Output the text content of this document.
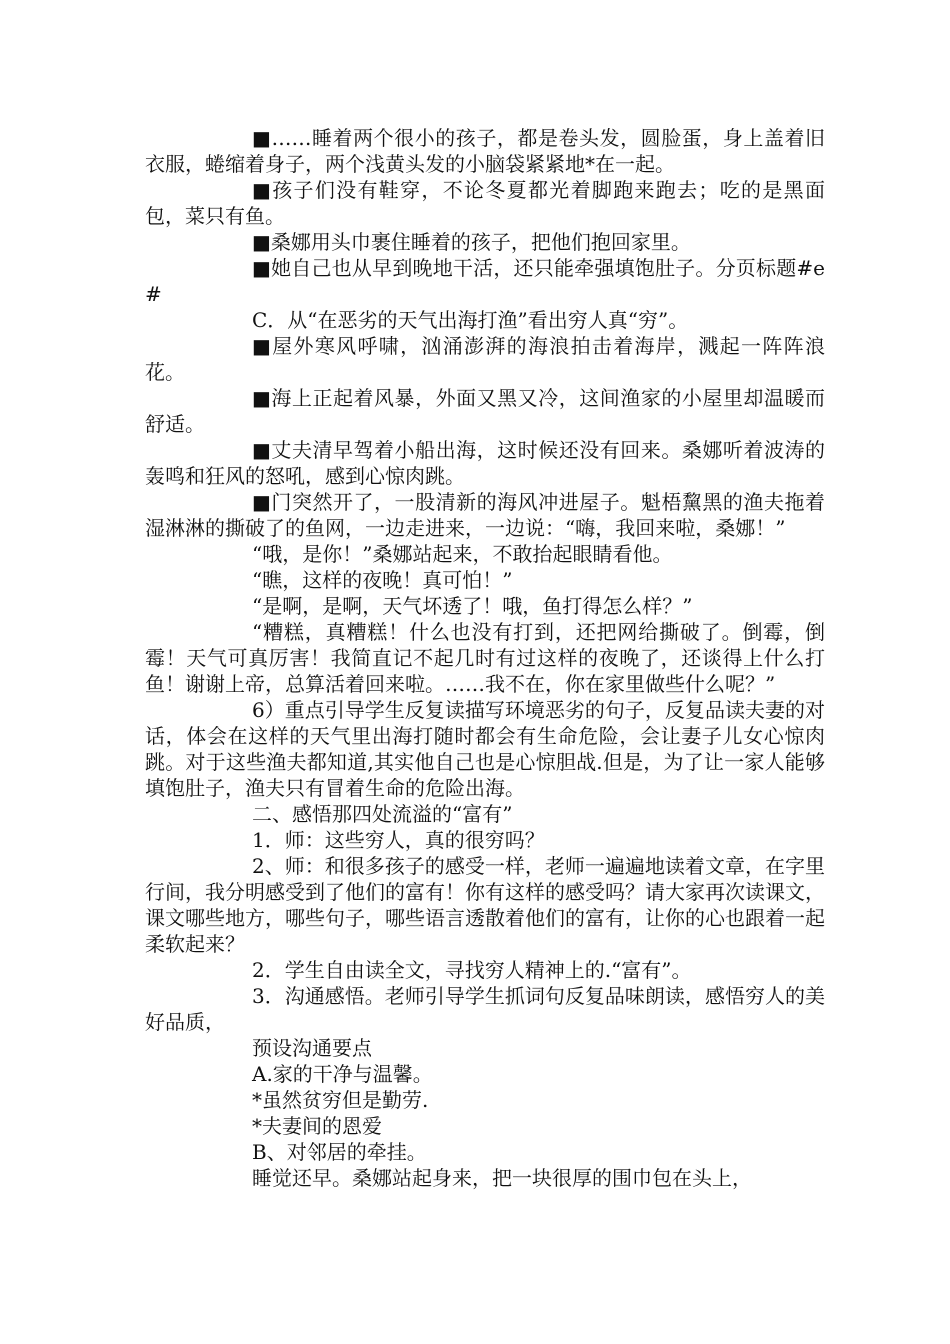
■……睡着两个很小的孩子，都是卷头发，圆脸蛋，身上盖着旧衣服，蜷缩着身子，两个浅黄头发的小脑袋紧紧地*在一起。

■孩子们没有鞋穿，不论冬夏都光着脚跑来跑去；吃的是黑面包，菜只有鱼。

■桑娜用头巾裹住睡着的孩子，把他们抱回家里。

■她自己也从早到晚地干活，还只能牵强填饱肚子。分页标题#e#

C．从“在恶劣的天气出海打渔”看出穷人真“穷”。

■屋外寒风呼啸，汹涌澎湃的海浪拍击着海岸，溅起一阵阵浪花。

■海上正起着风暴，外面又黑又冷，这间渔家的小屋里却温暖而舒适。

■丈夫清早驾着小船出海，这时候还没有回来。桑娜听着波涛的轰鸣和狂风的怒吼，感到心惊肉跳。

■门突然开了，一股清新的海风冲进屋子。魁梧黧黑的渔夫拖着湿淋淋的撕破了的鱼网，一边走进来，一边说：“嗨，我回来啦，桑娜！”

“哦，是你！”桑娜站起来，不敢抬起眼睛看他。

“瞧，这样的夜晚！真可怕！”

“是啊，是啊，天气坏透了！哦，鱼打得怎么样？”

“糟糕，真糟糕！什么也没有打到，还把网给撕破了。倒霉，倒霉！天气可真厉害！我简直记不起几时有过这样的夜晚了，还谈得上什么打鱼！谢谢上帝，总算活着回来啦。……我不在，你在家里做些什么呢？”

6）重点引导学生反复读描写环境恶劣的句子，反复品读夫妻的对话，体会在这样的天气里出海打随时都会有生命危险，会让妻子儿女心惊肉跳。对于这些渔夫都知道,其实他自己也是心惊胆战.但是，为了让一家人能够填饱肚子，渔夫只有冒着生命的危险出海。

二、感悟那四处流溢的“富有”

1．师：这些穷人，真的很穷吗？

2、师：和很多孩子的感受一样，老师一遍遍地读着文章，在字里行间，我分明感受到了他们的富有！你有这样的感受吗？请大家再次读课文，课文哪些地方，哪些句子，哪些语言透散着他们的富有，让你的心也跟着一起柔软起来？

2．学生自由读全文，寻找穷人精神上的.“富有”。

3．沟通感悟。老师引导学生抓词句反复品味朗读，感悟穷人的美好品质，

预设沟通要点

A.家的干净与温馨。

*虽然贫穷但是勤劳.

*夫妻间的恩爱

B、对邻居的牵挂。

睡觉还早。桑娜站起身来，把一块很厚的围巾包在头上，
